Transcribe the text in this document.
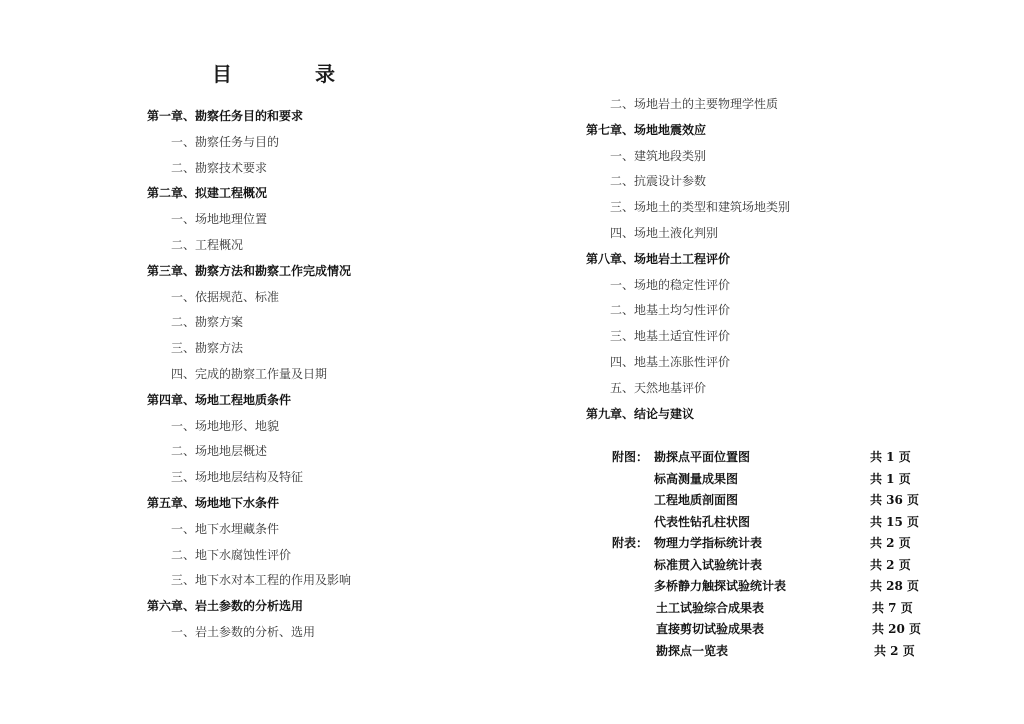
目 录
第一章、勘察任务目的和要求
一、勘察任务与目的
二、勘察技术要求
第二章、拟建工程概况
一、场地地理位置
二、工程概况
第三章、勘察方法和勘察工作完成情况
一、依据规范、标准
二、勘察方案
三、勘察方法
四、完成的勘察工作量及日期
第四章、场地工程地质条件
一、场地地形、地貌
二、场地地层概述
三、场地地层结构及特征
第五章、场地地下水条件
一、地下水埋藏条件
二、地下水腐蚀性评价
三、地下水对本工程的作用及影响
第六章、岩土参数的分析选用
一、岩土参数的分析、选用
二、场地岩土的主要物理学性质
第七章、场地地震效应
一、建筑地段类别
二、抗震设计参数
三、场地土的类型和建筑场地类别
四、场地土液化判别
第八章、场地岩土工程评价
一、场地的稳定性评价
二、地基土均匀性评价
三、地基土适宜性评价
四、地基土冻胀性评价
五、天然地基评价
第九章、结论与建议
附图： 勘探点平面位置图	共 1 页
标高测量成果图	共 1 页
工程地质剖面图	共 36 页
代表性钻孔柱状图	共 15 页
附表： 物理力学指标统计表	共 2 页
标准贯入试验统计表	共 2 页
多桥静力触探试验统计表	共 28 页
土工试验综合成果表	共 7 页
直接剪切试验成果表	共 20 页
勘探点一览表	共 2 页
